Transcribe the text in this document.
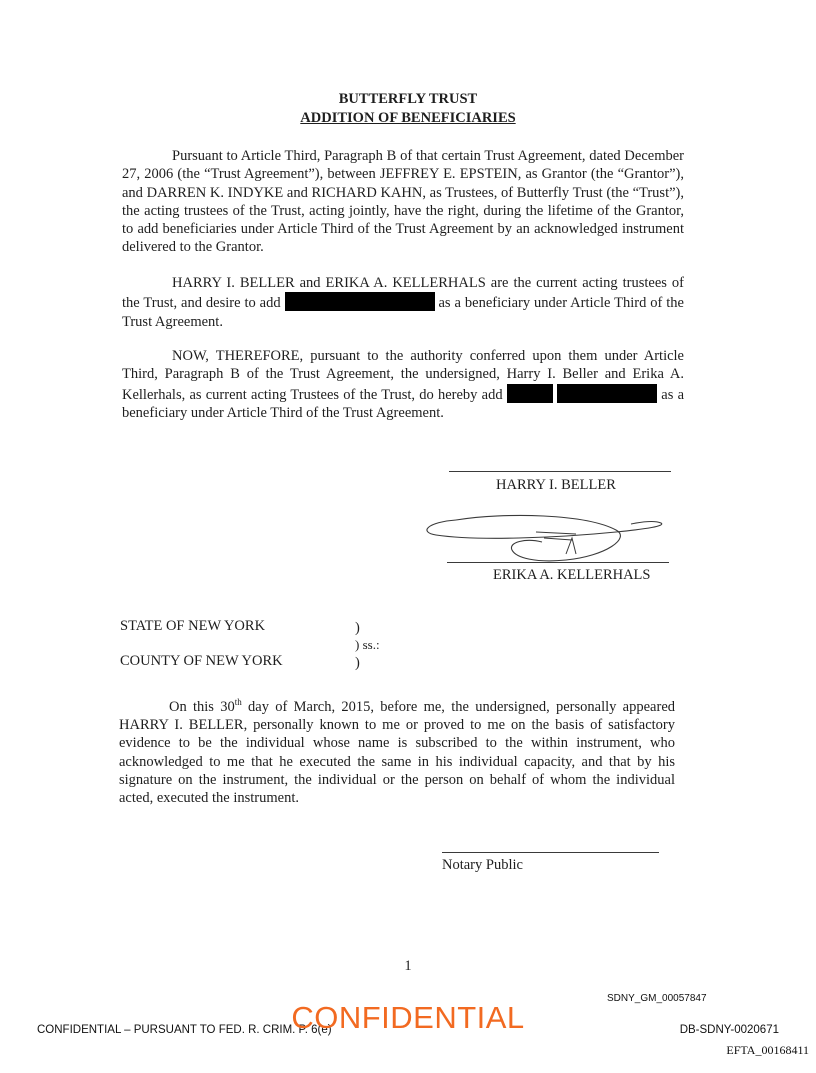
BUTTERFLY TRUST
ADDITION OF BENEFICIARIES
Pursuant to Article Third, Paragraph B of that certain Trust Agreement, dated December 27, 2006 (the “Trust Agreement”), between JEFFREY E. EPSTEIN, as Grantor (the “Grantor”), and DARREN K. INDYKE and RICHARD KAHN, as Trustees, of Butterfly Trust (the “Trust”), the acting trustees of the Trust, acting jointly, have the right, during the lifetime of the Grantor, to add beneficiaries under Article Third of the Trust Agreement by an acknowledged instrument delivered to the Grantor.
HARRY I. BELLER and ERIKA A. KELLERHALS are the current acting trustees of the Trust, and desire to add	as a beneficiary under Article Third of the Trust Agreement.
NOW, THEREFORE, pursuant to the authority conferred upon them under Article Third, Paragraph B of the Trust Agreement, the undersigned, Harry I. Beller and Erika A. Kellerhals, as current acting Trustees of the Trust, do hereby add	as a beneficiary under Article Third of the Trust Agreement.
HARRY I. BELLER
ERIKA A. KELLERHALS
STATE OF NEW YORK	)
) ss.:
COUNTY OF NEW YORK	)
On this 30th day of March, 2015, before me, the undersigned, personally appeared HARRY I. BELLER, personally known to me or proved to me on the basis of satisfactory evidence to be the individual whose name is subscribed to the within instrument, who acknowledged to me that he executed the same in his individual capacity, and that by his signature on the instrument, the individual or the person on behalf of whom the individual acted, executed the instrument.
Notary Public
1
SDNY_GM_00057847
CONFIDENTIAL – PURSUANT TO FED. R. CRIM. P. 6(e)
CONFIDENTIAL	DB-SDNY-0020671
EFTA_00168411
